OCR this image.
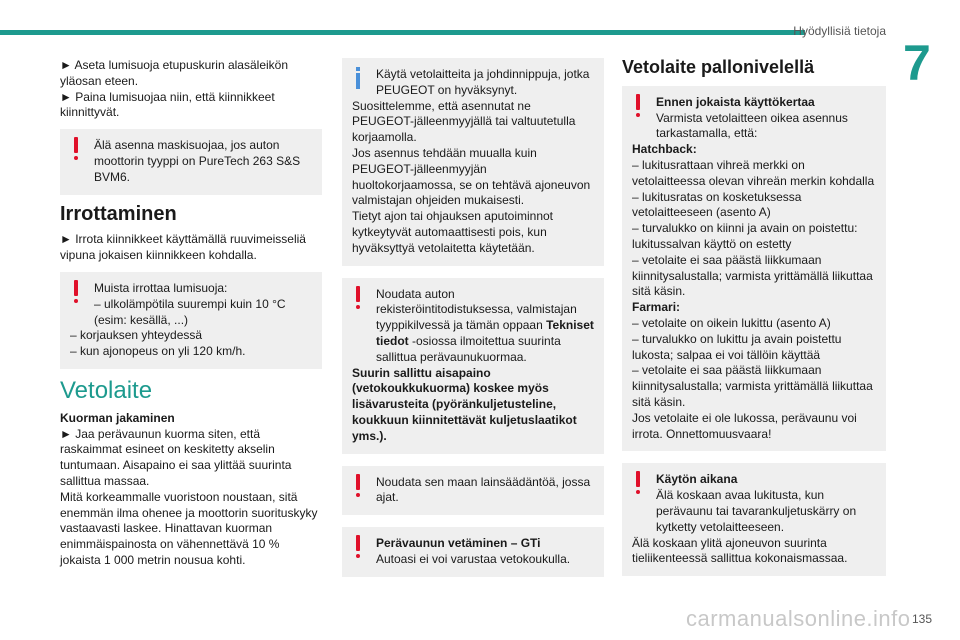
Hyödyllisiä tietoja
7

► Aseta lumisuoja etupuskurin alasäleikön yläosan eteen.

► Paina lumisuojaa niin, että kiinnikkeet kiinnittyvät.

Älä asenna maskisuojaa, jos auton moottorin tyyppi on PureTech 263 S&S BVM6.

Irrottaminen

► Irrota kiinnikkeet käyttämällä ruuvimeisseliä vipuna jokaisen kiinnikkeen kohdalla.

Muista irrottaa lumisuoja:

– ulkolämpötila suurempi kuin 10 °C (esim: kesällä, ...)

– korjauksen yhteydessä

– kun ajonopeus on yli 120 km/h.

Vetolaite

Kuorman jakaminen

► Jaa perävaunun kuorma siten, että raskaimmat esineet on keskitetty akselin tuntumaan. Aisapaino ei saa ylittää suurinta sallittua massaa.

Mitä korkeammalle vuoristoon noustaan, sitä enemmän ilma ohenee ja moottorin suorituskyky vastaavasti laskee. Hinattavan kuorman enimmäispainosta on vähennettävä 10 % jokaista 1 000 metrin nousua kohti.

Käytä vetolaitteita ja johdinnippuja, jotka PEUGEOT on hyväksynyt.

Suosittelemme, että asennutat ne PEUGEOT-jälleenmyyjällä tai valtuutetulla korjaamolla.

Jos asennus tehdään muualla kuin PEUGEOT-jälleenmyyjän huoltokorjaamossa, se on tehtävä ajoneuvon valmistajan ohjeiden mukaisesti.

Tietyt ajon tai ohjauksen aputoiminnot kytkeytyvät automaattisesti pois, kun hyväksyttyä vetolaitetta käytetään.

Noudata auton rekisteröintitodistuksessa, valmistajan tyyppikilvessä ja tämän oppaan Tekniset tiedot -osiossa ilmoitettua suurinta sallittua perävaunukuormaa.

Suurin sallittu aisapaino (vetokoukkukuorma) koskee myös lisävarusteita (pyöränkuljetusteline, koukkuun kiinnitettävät kuljetuslaatikot yms.).

Noudata sen maan lainsäädäntöä, jossa ajat.

Perävaunun vetäminen – GTi

Autoasi ei voi varustaa vetokoukulla.

Vetolaite pallonivelellä

Ennen jokaista käyttökertaa

Varmista vetolaitteen oikea asennus tarkastamalla, että:

Hatchback:

– lukitusrattaan vihreä merkki on vetolaitteessa olevan vihreän merkin kohdalla

– lukitusratas on kosketuksessa vetolaitteeseen (asento A)

– turvalukko on kiinni ja avain on poistettu: lukitussalvan käyttö on estetty

– vetolaite ei saa päästä liikkumaan kiinnitysalustalla; varmista yrittämällä liikuttaa sitä käsin.

Farmari:

– vetolaite on oikein lukittu (asento A)

– turvalukko on lukittu ja avain poistettu lukosta; salpaa ei voi tällöin käyttää

– vetolaite ei saa päästä liikkumaan kiinnitysalustalla; varmista yrittämällä liikuttaa sitä käsin.

Jos vetolaite ei ole lukossa, perävaunu voi irrota. Onnettomuusvaara!

Käytön aikana

Älä koskaan avaa lukitusta, kun perävaunu tai tavarankuljetuskärry on kytketty vetolaitteeseen.

Älä koskaan ylitä ajoneuvon suurinta tieliikenteessä sallittua kokonaismassaa.

135
carmanualsonline.info
